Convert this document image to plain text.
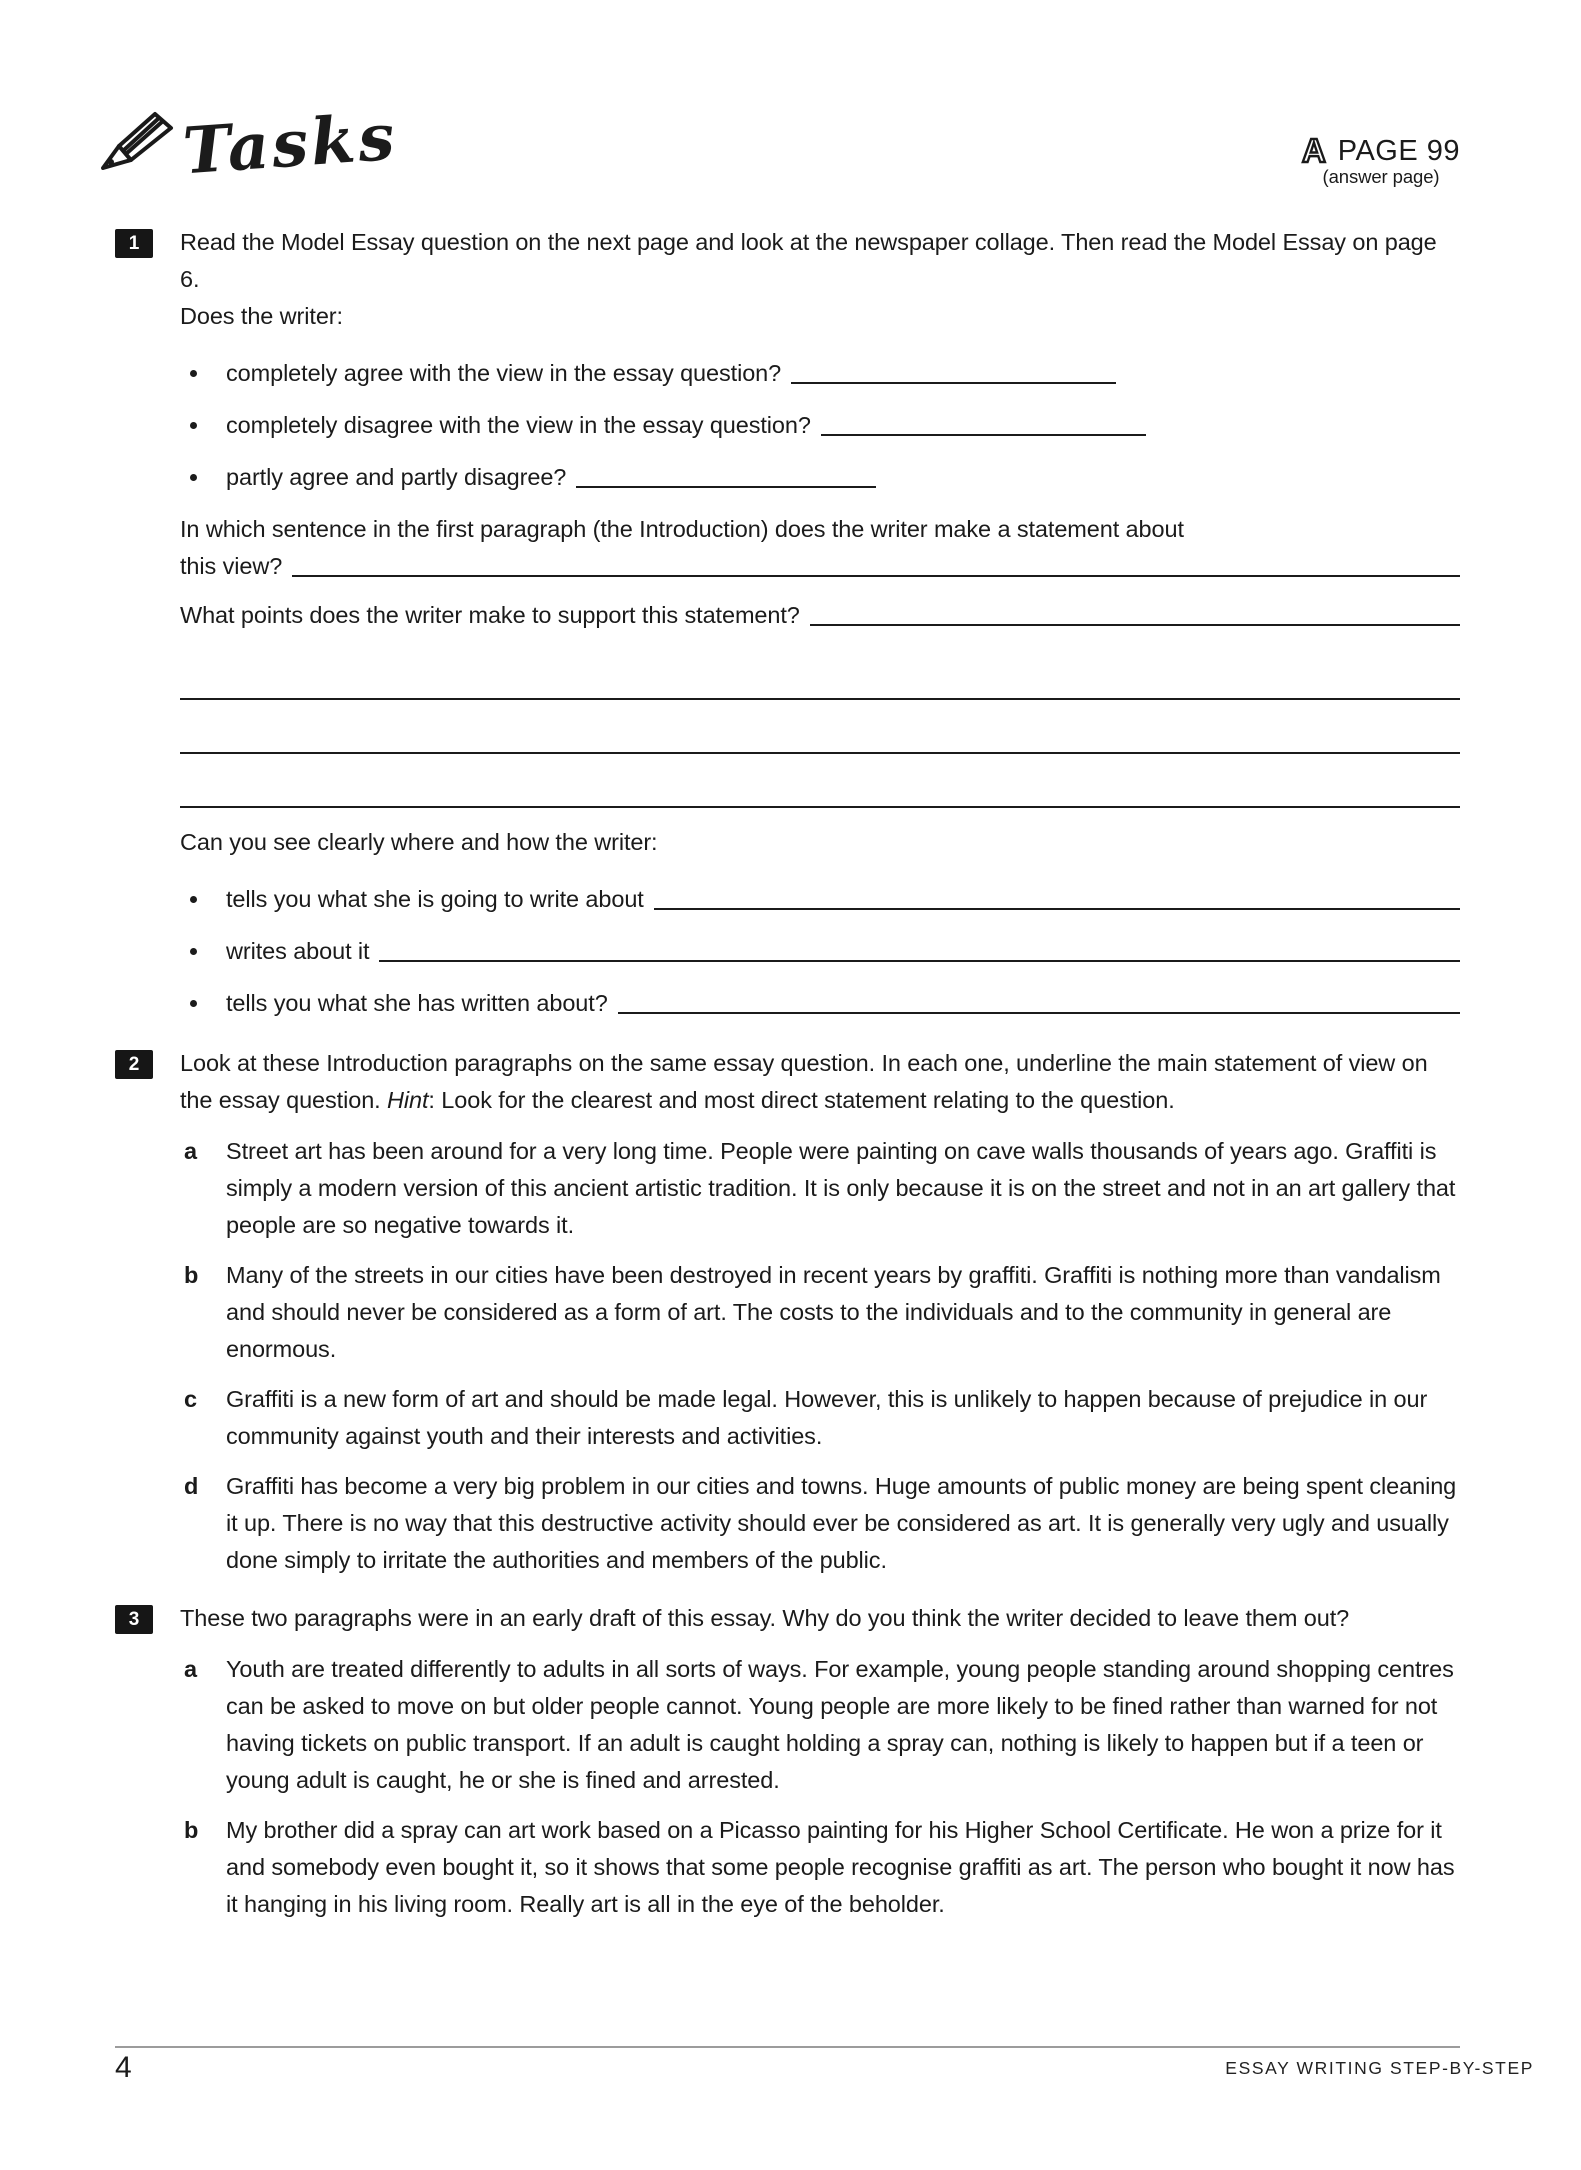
Tasks	A PAGE 99
(answer page)
1	Read the Model Essay question on the next page and look at the newspaper collage. Then read the Model Essay on page 6.

Does the writer:

completely agree with the view in the essay question?
completely disagree with the view in the essay question?
partly agree and partly disagree?
In which sentence in the first paragraph (the Introduction) does the writer make a statement about
this view?
What points does the writer make to support this statement?

Can you see clearly where and how the writer:

tells you what she is going to write about
writes about it
tells you what she has written about?
2	Look at these Introduction paragraphs on the same essay question. In each one, underline the main statement of view on the essay question. Hint: Look for the clearest and most direct statement relating to the question.

a	Street art has been around for a very long time. People were painting on cave walls thousands of years ago. Graffiti is simply a modern version of this ancient artistic tradition. It is only because it is on the street and not in an art gallery that people are so negative towards it.
b	Many of the streets in our cities have been destroyed in recent years by graffiti. Graffiti is nothing more than vandalism and should never be considered as a form of art. The costs to the individuals and to the community in general are enormous.
c	Graffiti is a new form of art and should be made legal. However, this is unlikely to happen because of prejudice in our community against youth and their interests and activities.
d	Graffiti has become a very big problem in our cities and towns. Huge amounts of public money are being spent cleaning it up. There is no way that this destructive activity should ever be considered as art. It is generally very ugly and usually done simply to irritate the authorities and members of the public.
3	These two paragraphs were in an early draft of this essay. Why do you think the writer decided to leave them out?

a	Youth are treated differently to adults in all sorts of ways. For example, young people standing around shopping centres can be asked to move on but older people cannot. Young people are more likely to be fined rather than warned for not having tickets on public transport. If an adult is caught holding a spray can, nothing is likely to happen but if a teen or young adult is caught, he or she is fined and arrested.
b	My brother did a spray can art work based on a Picasso painting for his Higher School Certificate. He won a prize for it and somebody even bought it, so it shows that some people recognise graffiti as art. The person who bought it now has it hanging in his living room. Really art is all in the eye of the beholder.
4	ESSAY WRITING STEP-BY-STEP
